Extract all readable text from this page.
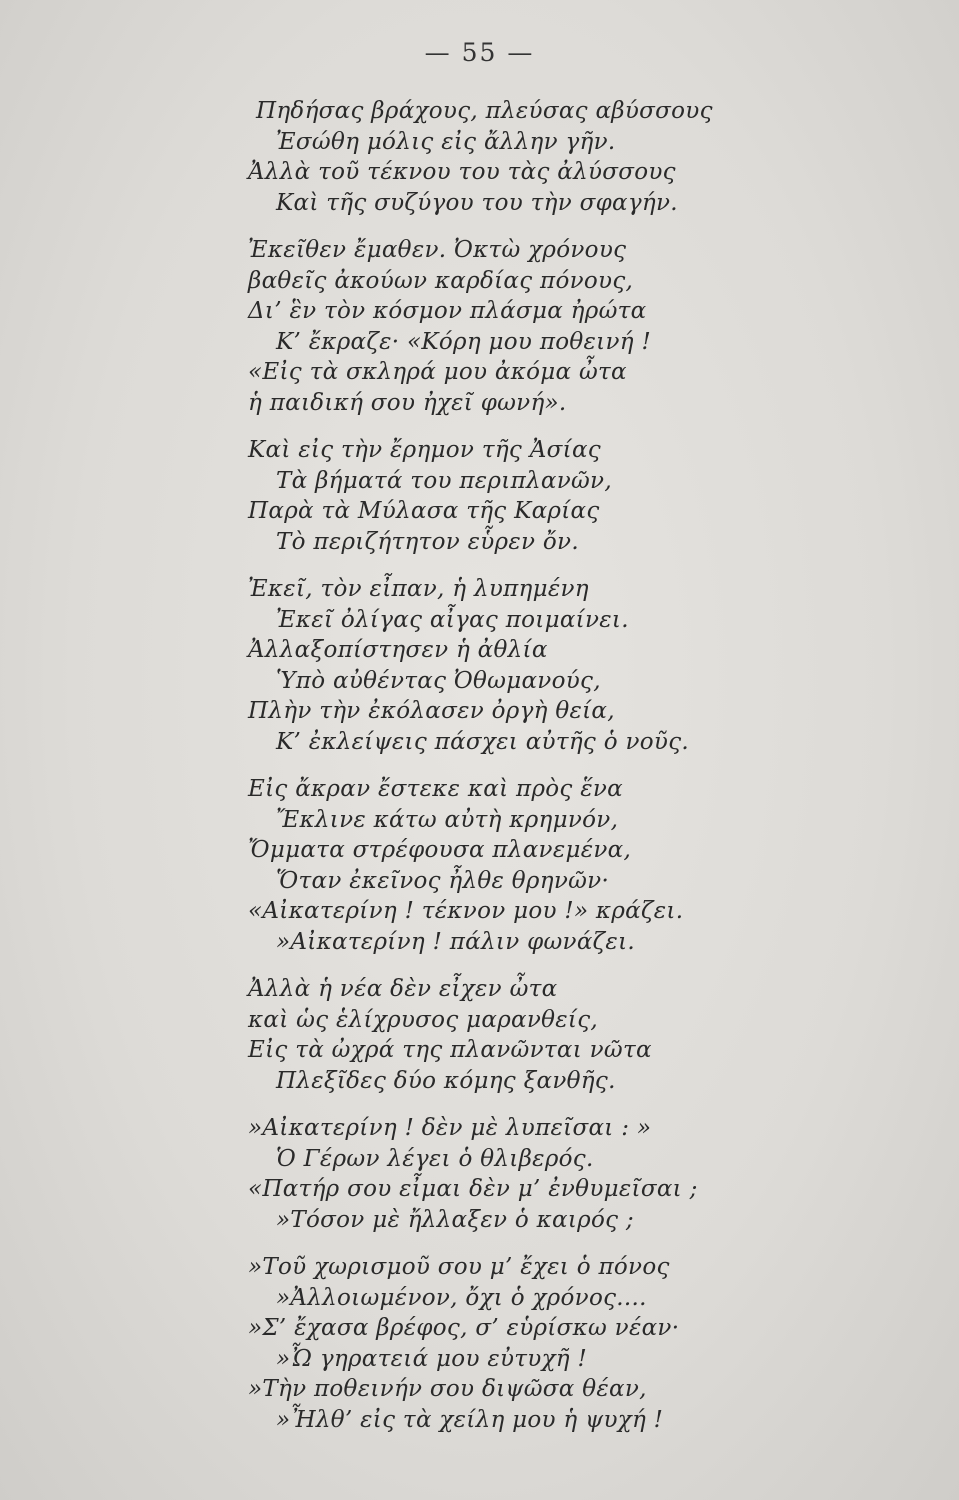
— 55 —
Πηδήσας βράχους, πλεύσας αβύσσους
Ἐσώθη μόλις εἰς ἄλλην γῆν.
Ἀλλὰ τοῦ τέκνου του τὰς ἀλύσσους
Καὶ τῆς συζύγου του τὴν σφαγήν.
Ἐκεῖθεν ἔμαθεν. Ὀκτὼ χρόνους
βαθεῖς ἀκούων καρδίας πόνους,
Δι’ ἓν τὸν κόσμον πλάσμα ἠρώτα
Κ’ ἔκραζε· «Κόρη μου ποθεινή !
«Εἰς τὰ σκληρά μου ἀκόμα ὦτα
ἡ παιδική σου ἠχεῖ φωνή».
Καὶ εἰς τὴν ἔρημον τῆς Ἀσίας
Τὰ βήματά του περιπλανῶν,
Παρὰ τὰ Μύλασα τῆς Καρίας
Τὸ περιζήτητον εὗρεν ὄν.
Ἐκεῖ, τὸν εἶπαν, ἡ λυπημένη
Ἐκεῖ ὀλίγας αἶγας ποιμαίνει.
Ἀλλαξοπίστησεν ἡ ἀθλία
Ὑπὸ αὐθέντας Ὀθωμανούς,
Πλὴν τὴν ἐκόλασεν ὀργὴ θεία,
Κ’ ἐκλείψεις πάσχει αὐτῆς ὁ νοῦς.
Εἰς ἄκραν ἔστεκε καὶ πρὸς ἕνα
Ἔκλινε κάτω αὐτὴ κρημνόν,
Ὄμματα στρέφουσα πλανεμένα,
Ὅταν ἐκεῖνος ἦλθε θρηνῶν·
«Αἰκατερίνη ! τέκνον μου !» κράζει.
»Αἰκατερίνη ! πάλιν φωνάζει.
Ἀλλὰ ἡ νέα δὲν εἶχεν ὦτα
καὶ ὡς ἑλίχρυσος μαρανθείς,
Εἰς τὰ ὠχρά της πλανῶνται νῶτα
Πλεξῖδες δύο κόμης ξανθῆς.
»Αἰκατερίνη ! δὲν μὲ λυπεῖσαι : »
Ὁ Γέρων λέγει ὁ θλιβερός.
«Πατήρ σου εἶμαι δὲν μ’ ἐνθυμεῖσαι ;
»Τόσον μὲ ἤλλαξεν ὁ καιρός ;
»Τοῦ χωρισμοῦ σου μ’ ἔχει ὁ πόνος
»Ἀλλοιωμένον, ὄχι ὁ χρόνος....
»Σ’ ἔχασα βρέφος, σ’ εὑρίσκω νέαν·
»Ὦ γηρατειά μου εὐτυχῆ !
»Τὴν ποθεινήν σου διψῶσα θέαν,
»Ἦλθ’ εἰς τὰ χείλη μου ἡ ψυχή !
